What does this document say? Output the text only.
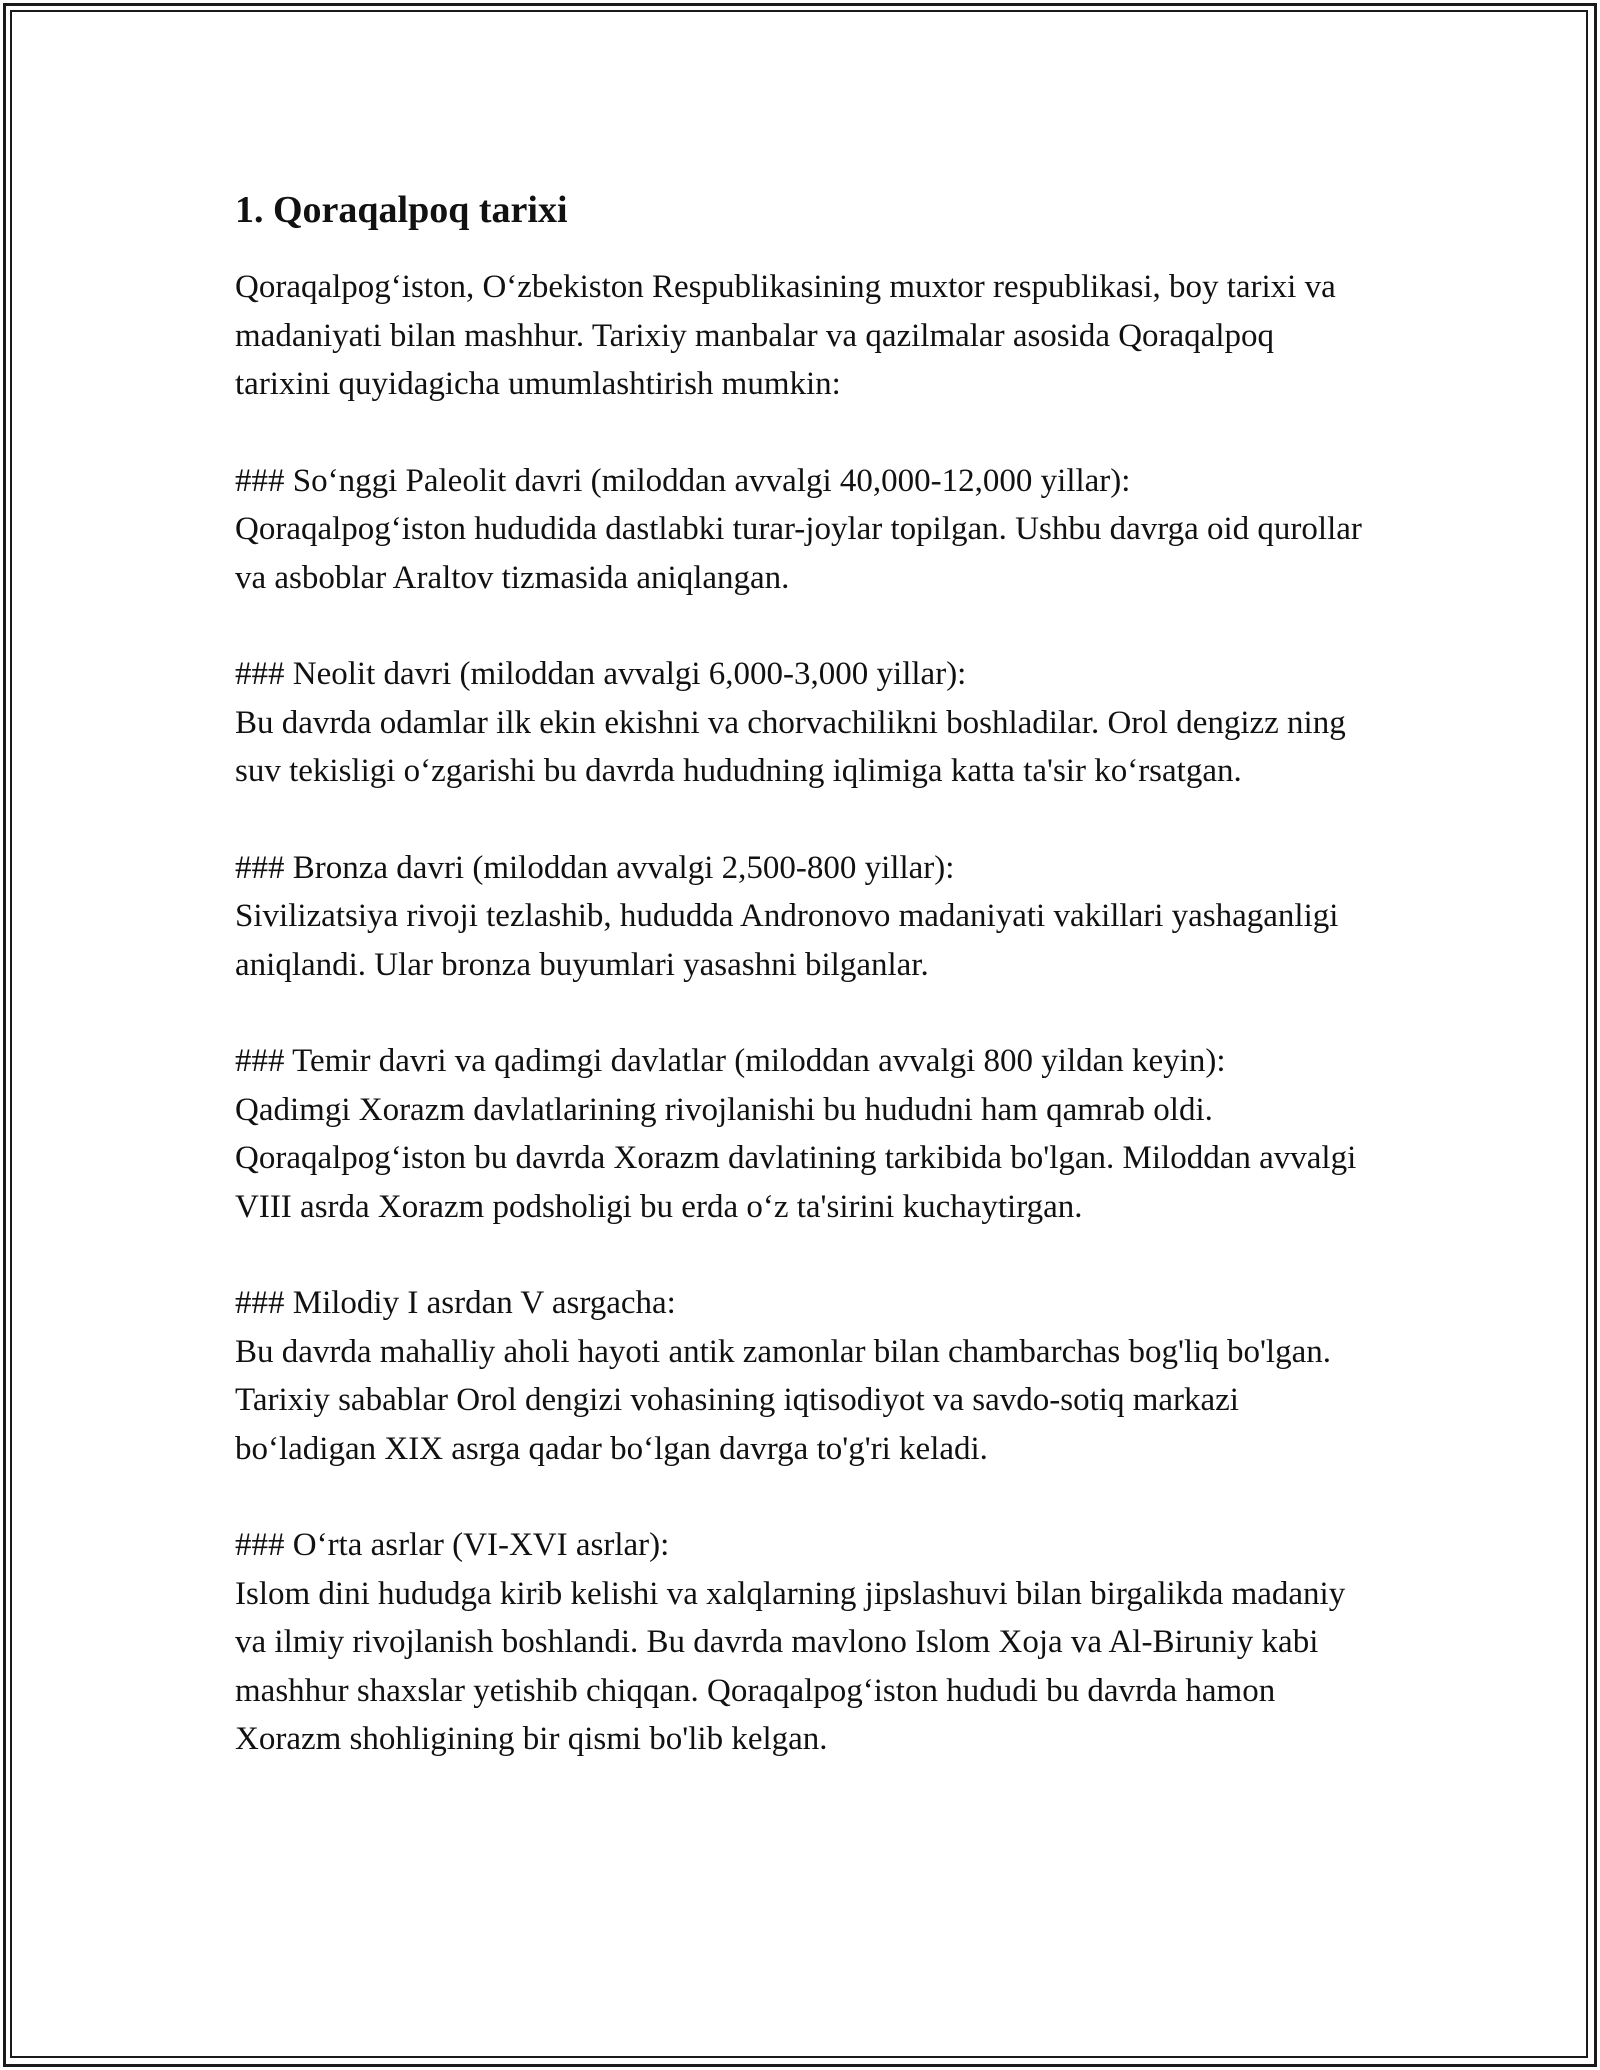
1. Qoraqalpoq tarixi

Qoraqalpog‘iston, O‘zbekiston Respublikasining muxtor respublikasi, boy tarixi va madaniyati bilan mashhur. Tarixiy manbalar va qazilmalar asosida Qoraqalpoq tarixini quyidagicha umumlashtirish mumkin:

### So‘nggi Paleolit davri (miloddan avvalgi 40,000-12,000 yillar):
Qoraqalpog‘iston hududida dastlabki turar-joylar topilgan. Ushbu davrga oid qurollar va asboblar Araltov tizmasida aniqlangan.
### Neolit davri (miloddan avvalgi 6,000-3,000 yillar):
Bu davrda odamlar ilk ekin ekishni va chorvachilikni boshladilar. Orol dengizz ning suv tekisligi o‘zgarishi bu davrda hududning iqlimiga katta ta'sir ko‘rsatgan.
### Bronza davri (miloddan avvalgi 2,500-800 yillar):
Sivilizatsiya rivoji tezlashib, hududda Andronovo madaniyati vakillari yashaganligi aniqlandi. Ular bronza buyumlari yasashni bilganlar.
### Temir davri va qadimgi davlatlar (miloddan avvalgi 800 yildan keyin):
Qadimgi Xorazm davlatlarining rivojlanishi bu hududni ham qamrab oldi. Qoraqalpog‘iston bu davrda Xorazm davlatining tarkibida bo'lgan. Miloddan avvalgi VIII asrda Xorazm podsholigi bu erda o‘z ta'sirini kuchaytirgan.
### Milodiy I asrdan V asrgacha:
Bu davrda mahalliy aholi hayoti antik zamonlar bilan chambarchas bog'liq bo'lgan. Tarixiy sabablar Orol dengizi vohasining iqtisodiyot va savdo-sotiq markazi bo‘ladigan XIX asrga qadar bo‘lgan davrga to'g'ri keladi.
### O‘rta asrlar (VI-XVI asrlar):
Islom dini hududga kirib kelishi va xalqlarning jipslashuvi bilan birgalikda madaniy va ilmiy rivojlanish boshlandi. Bu davrda mavlono Islom Xoja va Al-Biruniy kabi mashhur shaxslar yetishib chiqqan. Qoraqalpog‘iston hududi bu davrda hamon Xorazm shohligining bir qismi bo'lib kelgan.
